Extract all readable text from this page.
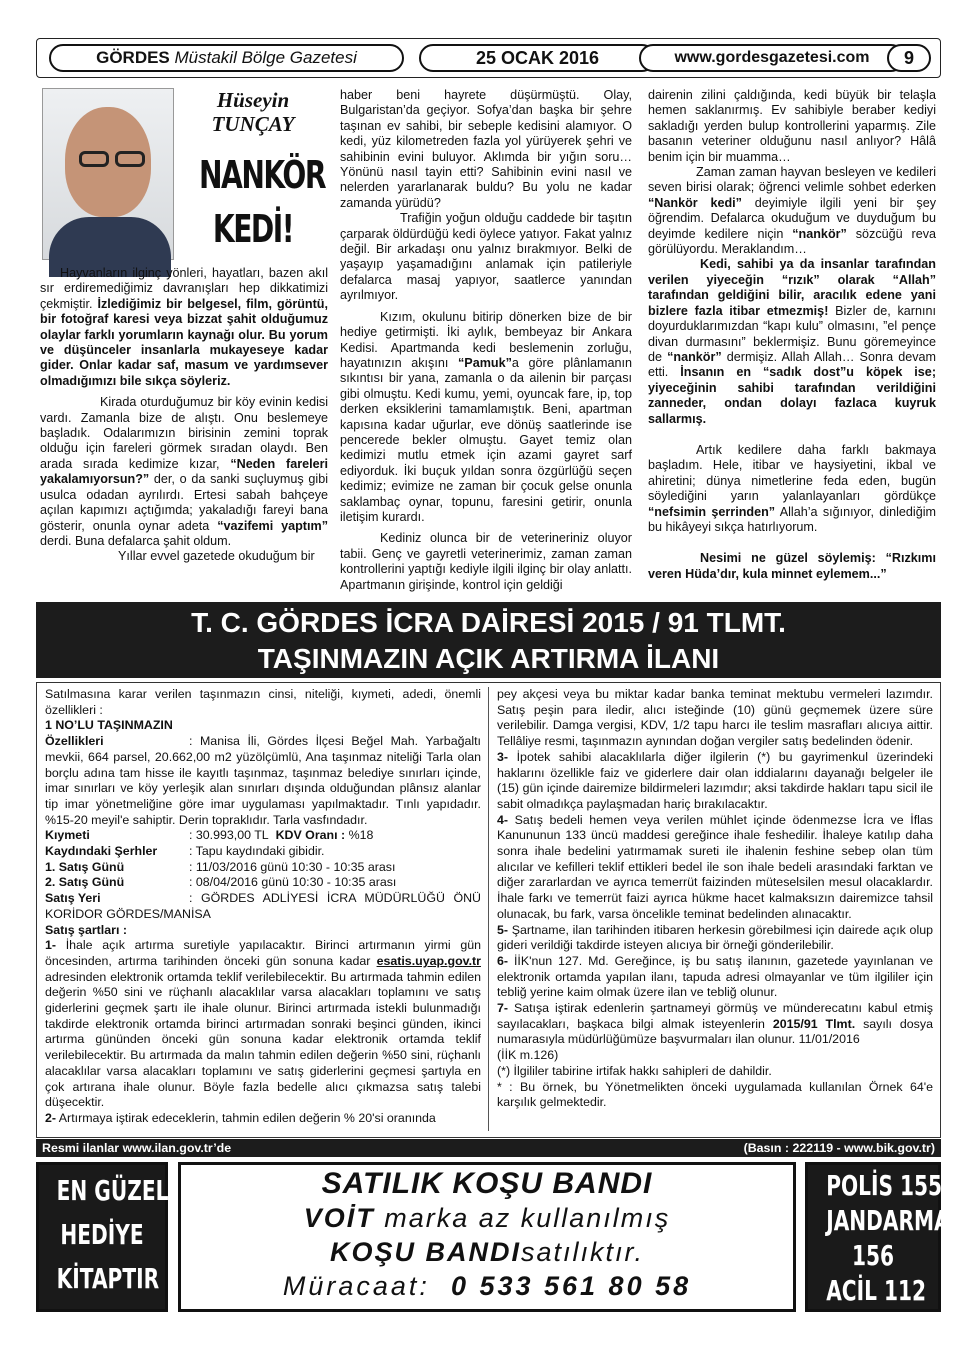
GÖRDES Müstakil Bölge Gazetesi	25 OCAK 2016	www.gordesgazetesi.com	9
Hüseyin
TUNÇAY
NANKÖR
KEDİ!

Hayvanların ilginç yönleri, hayatları, bazen akıl sır erdiremediğimiz davranışları hep dikkatimizi çekmiştir. İzlediğimiz bir belgesel, film, görüntü, bir fotoğraf karesi veya bizzat şahit olduğumuz olaylar farklı yorumların kaynağı olur. Bu yorum ve düşünceler insanlarla mukayeseye kadar gider. Onlar kadar saf, masum ve yardımsever olmadığımızı bile sıkça söyleriz.

Kirada oturduğumuz bir köy evinin kedisi vardı. Zamanla bize de alıştı. Onu beslemeye başladık. Odalarımızın birisinin zemini toprak olduğu için fareleri görmek sıradan olaydı. Ben arada sırada kedimize kızar, “Neden fareleri yakalamıyorsun?” der, o da sanki suçluymuş gibi usulca odadan ayrılırdı. Ertesi sabah bahçeye açılan kapımızı açtığımda; yakaladığı fareyi bana gösterir, onunla oynar adeta “vazifemi yaptım” derdi. Buna defalarca şahit oldum.

Yıllar evvel gazetede okuduğum bir

haber beni hayrete düşürmüştü. Olay, Bulgaristan’da geçiyor. Sofya’dan başka bir şehre taşınan ev sahibi, bir sebeple kedisini alamıyor. O kedi, yüz kilometreden fazla yol yürüyerek şehri ve sahibinin evini buluyor. Aklımda bir yığın soru… Yönünü nasıl tayin etti? Sahibinin evini nasıl ve nelerden yararlanarak buldu? Bu yolu ne kadar zamanda yürüdü?

Trafiğin yoğun olduğu caddede bir taşıtın çarparak öldürdüğü kedi öylece yatıyor. Fakat yalnız değil. Bir arkadaşı onu yalnız bırakmıyor. Belki de yaşayıp yaşamadığını anlamak için patileriyle defalarca masaj yapıyor, saatlerce yanından ayrılmıyor.

Kızım, okulunu bitirip dönerken bize de bir hediye getirmişti. İki aylık, bembeyaz bir Ankara Kedisi. Apartmanda kedi beslemenin zorluğu, hayatınızın akışını “Pamuk”a göre plânlamanın sıkıntısı bir yana, zamanla o da ailenin bir parçası gibi olmuştu. Kedi kumu, yemi, oyuncak fare, ip, top derken eksiklerini tamamlamıştık. Beni, apartman kapısına kadar uğurlar, eve dönüş saatlerinde ise pencerede bekler olmuştu. Gayet temiz olan kedimizi mutlu etmek için azami gayret sarf ediyorduk. İki buçuk yıldan sonra özgürlüğü seçen kedimiz; evimize ne zaman bir çocuk gelse onunla saklambaç oynar, topunu, faresini getirir, onunla iletişim kurardı.

Kediniz olunca bir de veterineriniz oluyor tabii. Genç ve gayretli veterinerimiz, zaman zaman kontrollerini yaptığı kediyle ilgili ilginç bir olay anlattı. Apartmanın girişinde, kontrol için geldiği

dairenin zilini çaldığında, kedi büyük bir telaşla hemen saklanırmış. Ev sahibiyle beraber kediyi sakladığı yerden bulup kontrollerini yaparmış. Zile basanın veteriner olduğunu nasıl anlıyor? Hâlâ benim için bir muamma…

Zaman zaman hayvan besleyen ve kedileri seven birisi olarak; öğrenci velimle sohbet ederken “Nankör kedi” deyimiyle ilgili yeni bir şey öğrendim. Defalarca okuduğum ve duyduğum bu deyimde kedilere niçin “nankör” sözcüğü reva görülüyordu. Meraklandım…

Kedi, sahibi ya da insanlar tarafından verilen yiyeceğin “rızık” olarak “Allah” tarafından geldiğini bilir, aracılık edene yani bizlere fazla itibar etmezmiş! Bizler de, karnını doyurduklarımızdan “kapı kulu” olmasını, ”el pençe divan durmasını” beklermişiz. Bunu göremeyince de “nankör” dermişiz. Allah Allah… Sonra devam etti. İnsanın en “sadık dost”u köpek ise; yiyeceğinin sahibi tarafından verildiğini zanneder, ondan dolayı fazlaca kuyruk sallarmış.

Artık kedilere daha farklı bakmaya başladım. Hele, itibar ve haysiyetini, ikbal ve ahiretini; dünya nimetlerine feda eden, bugün söylediğini yarın yalanlayanları gördükçe “nefsimin şerrinden” Allah’a sığınıyor, dinlediğim bu hikâyeyi sıkça hatırlıyorum.

Nesimi ne güzel söylemiş: “Rızkımı veren Hüda’dır, kula minnet eylemem...”

T. C. GÖRDES İCRA DAİRESİ 2015 / 91 TLMT.
TAŞINMAZIN AÇIK ARTIRMA İLANI

Satılmasına karar verilen taşınmazın cinsi, niteliği, kıymeti, adedi, önemli özellikleri :

1 NO’LU TAŞINMAZIN

Özellikleri	: Manisa İli, Gördes İlçesi Beğel Mah. Yarbağaltı mevkii, 664 parsel, 20.662,00 m2 yüzölçümlü, Ana taşınmaz niteliği Tarla olan borçlu adına tam hisse ile kayıtlı taşınmaz, taşınmaz belediye sınırları içinde, imar sınırları ve köy yerleşik alan sınırları dışında olduğundan plânsız alanlar tip imar yönetmeliğine göre imar uygulaması yapılmaktadır. Tınlı yapıdadır. %15-20 meyil'e sahiptir. Derin topraklıdır. Tarla vasfındadır.

Kıymeti	: 30.993,00 TL KDV Oranı : %18
Kaydındaki Şerhler	: Tapu kaydındaki gibidir.
1. Satış Günü	: 11/03/2016 günü 10:30 - 10:35 arası
2. Satış Günü	: 08/04/2016 günü 10:30 - 10:35 arası

Satış Yeri	: GÖRDES ADLİYESİ İCRA MÜDÜRLÜĞÜ ÖNÜ KORİDOR GÖRDES/MANİSA

Satış şartları :

1- İhale açık artırma suretiyle yapılacaktır. Birinci artırmanın yirmi gün öncesinden, artırma tarihinden önceki gün sonuna kadar esatis.uyap.gov.tr adresinden elektronik ortamda teklif verilebilecektir. Bu artırmada tahmin edilen değerin %50 sini ve rüçhanlı alacaklılar varsa alacakları toplamını ve satış giderlerini geçmek şartı ile ihale olunur. Birinci artırmada istekli bulunmadığı takdirde elektronik ortamda birinci artırmadan sonraki beşinci günden, ikinci artırma gününden önceki gün sonuna kadar elektronik ortamda teklif verilebilecektir. Bu artırmada da malın tahmin edilen değerin %50 sini, rüçhanlı alacaklılar varsa alacakları toplamını ve satış giderlerini geçmesi şartıyla en çok artırana ihale olunur. Böyle fazla bedelle alıcı çıkmazsa satış talebi düşecektir.

2- Artırmaya iştirak edeceklerin, tahmin edilen değerin % 20'si oranında

pey akçesi veya bu miktar kadar banka teminat mektubu vermeleri lazımdır. Satış peşin para iledir, alıcı isteğinde (10) günü geçmemek üzere süre verilebilir. Damga vergisi, KDV, 1/2 tapu harcı ile teslim masrafları alıcıya aittir. Tellâliye resmi, taşınmazın aynından doğan vergiler satış bedelinden ödenir.

3- İpotek sahibi alacaklılarla diğer ilgilerin (*) bu gayrimenkul üzerindeki haklarını özellikle faiz ve giderlere dair olan iddialarını dayanağı belgeler ile (15) gün içinde dairemize bildirmeleri lazımdır; aksi takdirde hakları tapu sicil ile sabit olmadıkça paylaşmadan hariç bırakılacaktır.

4- Satış bedeli hemen veya verilen mühlet içinde ödenmezse İcra ve İflas Kanununun 133 üncü maddesi gereğince ihale feshedilir. İhaleye katılıp daha sonra ihale bedelini yatırmamak sureti ile ihalenin feshine sebep olan tüm alıcılar ve kefilleri teklif ettikleri bedel ile son ihale bedeli arasındaki farktan ve diğer zararlardan ve ayrıca temerrüt faizinden müteselsilen mesul olacaklardır. İhale farkı ve temerrüt faizi ayrıca hükme hacet kalmaksızın dairemizce tahsil olunacak, bu fark, varsa öncelikle teminat bedelinden alınacaktır.

5- Şartname, ilan tarihinden itibaren herkesin görebilmesi için dairede açık olup gideri verildiği takdirde isteyen alıcıya bir örneği gönderilebilir.

6- İİK'nun 127. Md. Gereğince, iş bu satış ilanının, gazetede yayınlanan ve elektronik ortamda yapılan ilanı, tapuda adresi olmayanlar ve tüm ilgililer için tebliğ yerine kaim olmak üzere ilan ve tebliğ olunur.

7- Satışa iştirak edenlerin şartnameyi görmüş ve münderecatını kabul etmiş sayılacakları, başkaca bilgi almak isteyenlerin 2015/91 Tlmt. sayılı dosya numarasıyla müdürlüğümüze başvurmaları ilan olunur. 11/01/2016

(İİK m.126)

(*) İlgililer tabirine irtifak hakkı sahipleri de dahildir.

* : Bu örnek, bu Yönetmelikten önceki uygulamada kullanılan Örnek 64'e karşılık gelmektedir.

Resmi ilanlar www.ilan.gov.tr’de	(Basın : 222119 - www.bik.gov.tr)
EN GÜZEL
HEDİYE
KİTAPTIR
SATILIK KOŞU BANDI
VOİT marka az kullanılmış
KOŞU BANDIsatılıktır.
Müracaat: 0 533 561 80 58
POLİS 155
JANDARMA
156
ACİL 112
